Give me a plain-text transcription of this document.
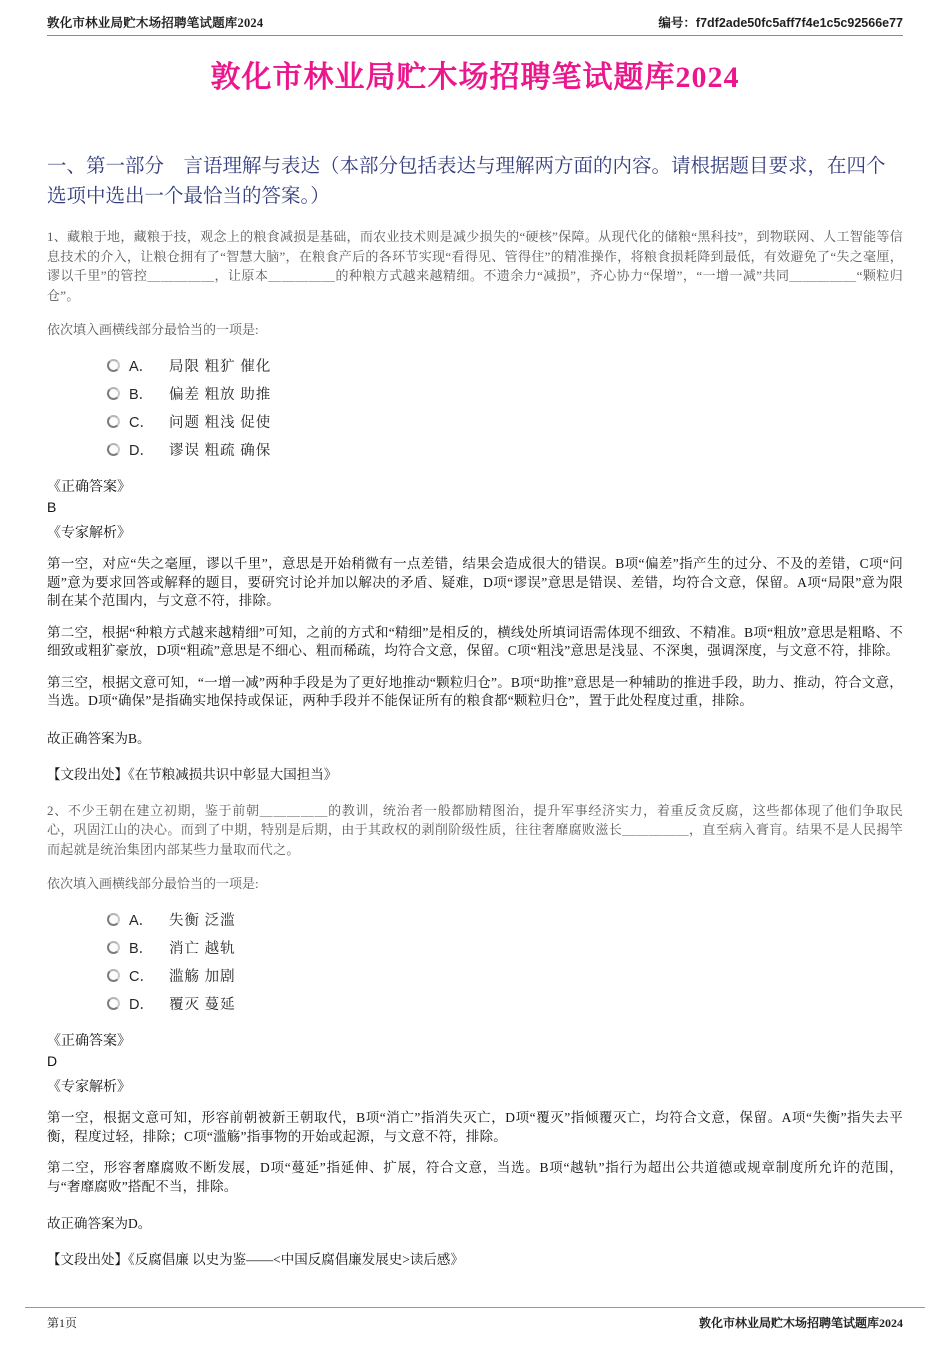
敦化市林业局贮木场招聘笔试题库2024	编号：f7df2ade50fc5aff7f4e1c5c92566e77
敦化市林业局贮木场招聘笔试题库2024
一、第一部分　言语理解与表达（本部分包括表达与理解两方面的内容。请根据题目要求，在四个选项中选出一个最恰当的答案。）
1、藏粮于地，藏粮于技，观念上的粮食减损是基础，而农业技术则是减少损失的“硬核”保障。从现代化的储粮“黑科技”，到物联网、人工智能等信息技术的介入，让粮仓拥有了“智慧大脑”，在粮食产后的各环节实现“看得见、管得住”的精准操作，将粮食损耗降到最低，有效避免了“失之毫厘，谬以千里”的管控＿＿＿＿＿，让原本＿＿＿＿＿的种粮方式越来越精细。不遗余力“减损”，齐心协力“保增”，“一增一减”共同＿＿＿＿＿“颗粒归仓”。
依次填入画横线部分最恰当的一项是:
A． 局限 粗犷 催化
B． 偏差 粗放 助推
C． 问题 粗浅 促使
D． 谬误 粗疏 确保
《正确答案》
B
《专家解析》
第一空，对应“失之毫厘，谬以千里”，意思是开始稍微有一点差错，结果会造成很大的错误。B项“偏差”指产生的过分、不及的差错，C项“问题”意为要求回答或解释的题目，要研究讨论并加以解决的矛盾、疑难，D项“谬误”意思是错误、差错，均符合文意，保留。A项“局限”意为限制在某个范围内，与文意不符，排除。
第二空，根据“种粮方式越来越精细”可知，之前的方式和“精细”是相反的，横线处所填词语需体现不细致、不精准。B项“粗放”意思是粗略、不细致或粗犷豪放，D项“粗疏”意思是不细心、粗而稀疏，均符合文意，保留。C项“粗浅”意思是浅显、不深奥，强调深度，与文意不符，排除。
第三空，根据文意可知，“一增一减”两种手段是为了更好地推动“颗粒归仓”。B项“助推”意思是一种辅助的推进手段，助力、推动，符合文意，当选。D项“确保”是指确实地保持或保证，两种手段并不能保证所有的粮食都“颗粒归仓”，置于此处程度过重，排除。
故正确答案为B。
【文段出处】《在节粮减损共识中彰显大国担当》
2、不少王朝在建立初期，鉴于前朝＿＿＿＿＿的教训，统治者一般都励精图治，提升军事经济实力，着重反贪反腐，这些都体现了他们争取民心，巩固江山的决心。而到了中期，特别是后期，由于其政权的剥削阶级性质，往往奢靡腐败滋长＿＿＿＿＿，直至病入膏肓。结果不是人民揭竿而起就是统治集团内部某些力量取而代之。
依次填入画横线部分最恰当的一项是:
A． 失衡 泛滥
B． 消亡 越轨
C． 滥觞 加剧
D． 覆灭 蔓延
《正确答案》
D
《专家解析》
第一空，根据文意可知，形容前朝被新王朝取代，B项“消亡”指消失灭亡，D项“覆灭”指倾覆灭亡，均符合文意，保留。A项“失衡”指失去平衡，程度过轻，排除；C项“滥觞”指事物的开始或起源，与文意不符，排除。
第二空，形容奢靡腐败不断发展，D项“蔓延”指延伸、扩展，符合文意，当选。B项“越轨”指行为超出公共道德或规章制度所允许的范围，与“奢靡腐败”搭配不当，排除。
故正确答案为D。
【文段出处】《反腐倡廉 以史为鉴——<中国反腐倡廉发展史>读后感》
第1页	敦化市林业局贮木场招聘笔试题库2024
